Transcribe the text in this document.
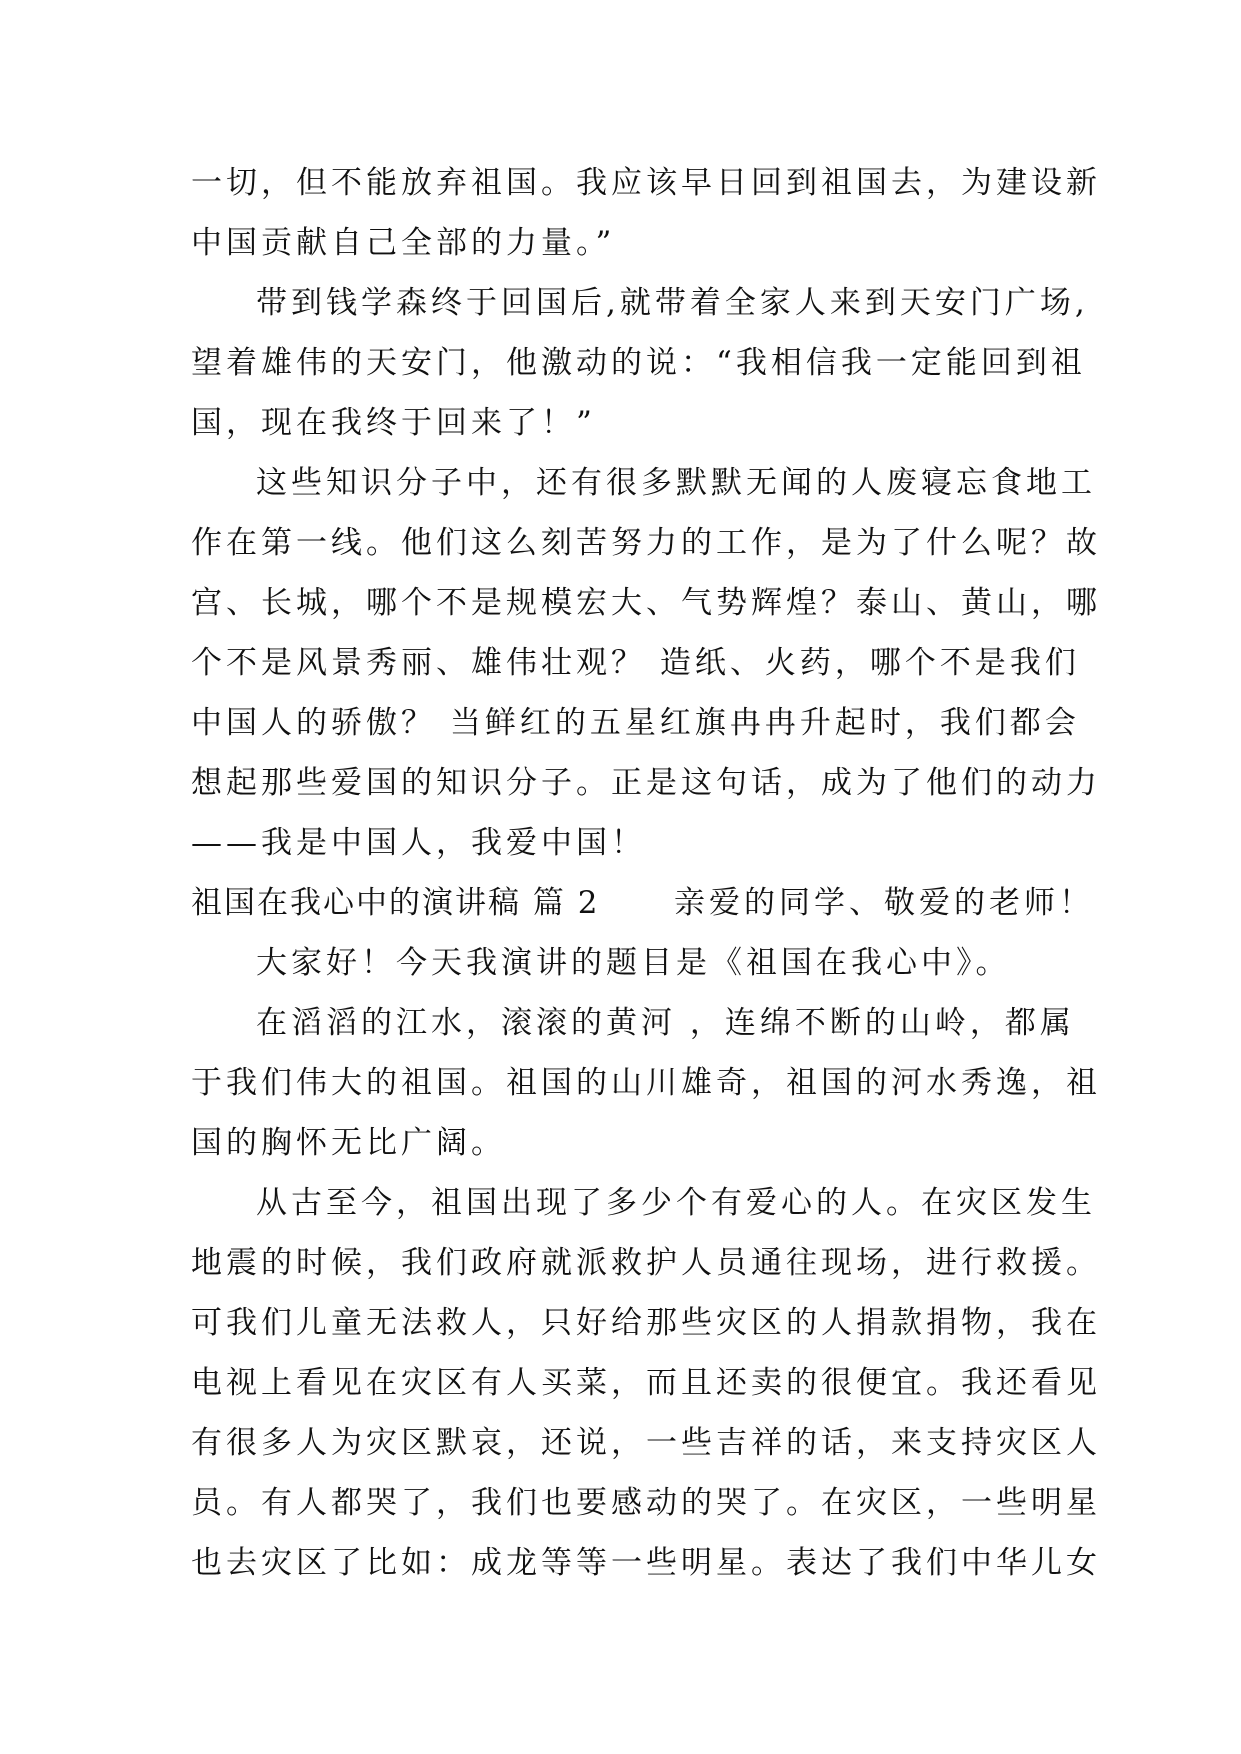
一切，但不能放弃祖国。我应该早日回到祖国去，为建设新
中国贡献自己全部的力量。”
带到钱学森终于回国后,就带着全家人来到天安门广场,
望着雄伟的天安门，他激动的说：“我相信我一定能回到祖
国，现在我终于回来了！”
这些知识分子中，还有很多默默无闻的人废寝忘食地工
作在第一线。他们这么刻苦努力的工作，是为了什么呢？故
宫、长城，哪个不是规模宏大、气势辉煌？泰山、黄山，哪
个不是风景秀丽、雄伟壮观？ 造纸、火药，哪个不是我们
中国人的骄傲？ 当鲜红的五星红旗冉冉升起时，我们都会
想起那些爱国的知识分子。正是这句话，成为了他们的动力
——我是中国人，我爱中国！
祖国在我心中的演讲稿 篇 2 亲爱的同学、敬爱的老师！
大家好！今天我演讲的题目是《祖国在我心中》。
在滔滔的江水，滚滚的黄河 ，连绵不断的山岭，都属
于我们伟大的祖国。祖国的山川雄奇，祖国的河水秀逸，祖
国的胸怀无比广阔。
从古至今，祖国出现了多少个有爱心的人。在灾区发生
地震的时候，我们政府就派救护人员通往现场，进行救援。
可我们儿童无法救人，只好给那些灾区的人捐款捐物，我在
电视上看见在灾区有人买菜，而且还卖的很便宜。我还看见
有很多人为灾区默哀，还说，一些吉祥的话，来支持灾区人
员。有人都哭了，我们也要感动的哭了。在灾区，一些明星
也去灾区了比如：成龙等等一些明星。表达了我们中华儿女
